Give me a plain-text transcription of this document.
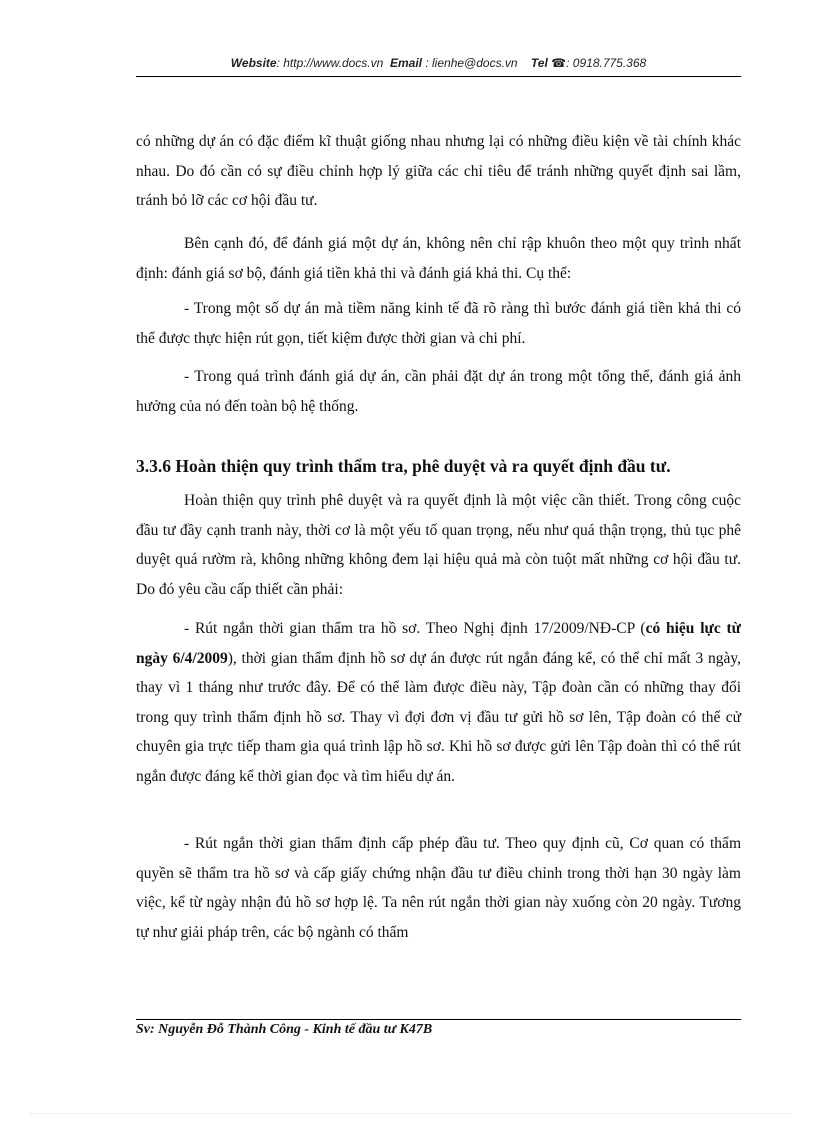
Website: http://www.docs.vn Email : lienhe@docs.vn Tel ☎: 0918.775.368

có những dự án có đặc điểm kĩ thuật giống nhau nhưng lại có những điều kiện về tài chính khác nhau. Do đó cần có sự điều chỉnh hợp lý giữa các chỉ tiêu để tránh những quyết định sai lầm, tránh bỏ lỡ các cơ hội đầu tư.

Bên cạnh đó, để đánh giá một dự án, không nên chỉ rập khuôn theo một quy trình nhất định: đánh giá sơ bộ, đánh giá tiền khả thi và đánh giá khả thi. Cụ thể:

- Trong một số dự án mà tiềm năng kinh tế đã rõ ràng thì bước đánh giá tiền khả thi có thể được thực hiện rút gọn, tiết kiệm được thời gian và chi phí.

- Trong quá trình đánh giá dự án, cần phải đặt dự án trong một tổng thể, đánh giá ảnh hưởng của nó đến toàn bộ hệ thống.

3.3.6 Hoàn thiện quy trình thẩm tra, phê duyệt và ra quyết định đầu tư.

Hoàn thiện quy trình phê duyệt và ra quyết định là một việc cần thiết. Trong công cuộc đầu tư đầy cạnh tranh này, thời cơ là một yếu tố quan trọng, nếu như quá thận trọng, thủ tục phê duyệt quá rườm rà, không những không đem lại hiệu quả mà còn tuột mất những cơ hội đầu tư. Do đó yêu cầu cấp thiết cần phải:

- Rút ngắn thời gian thẩm tra hồ sơ. Theo Nghị định 17/2009/NĐ-CP (có hiệu lực từ ngày 6/4/2009), thời gian thẩm định hồ sơ dự án được rút ngắn đáng kể, có thể chỉ mất 3 ngày, thay vì 1 tháng như trước đây. Để có thể làm được điều này, Tập đoàn cần có những thay đổi trong quy trình thẩm định hồ sơ. Thay vì đợi đơn vị đầu tư gửi hồ sơ lên, Tập đoàn có thể cử chuyên gia trực tiếp tham gia quá trình lập hồ sơ. Khi hồ sơ được gửi lên Tập đoàn thì có thể rút ngắn được đáng kể thời gian đọc và tìm hiểu dự án.

- Rút ngắn thời gian thẩm định cấp phép đầu tư. Theo quy định cũ, Cơ quan có thẩm quyền sẽ thẩm tra hồ sơ và cấp giấy chứng nhận đầu tư điều chỉnh trong thời hạn 30 ngày làm việc, kể từ ngày nhận đủ hồ sơ hợp lệ. Ta nên rút ngắn thời gian này xuống còn 20 ngày. Tương tự như giải pháp trên, các bộ ngành có thẩm

Sv: Nguyễn Đỗ Thành Công - Kinh tế đầu tư K47B
